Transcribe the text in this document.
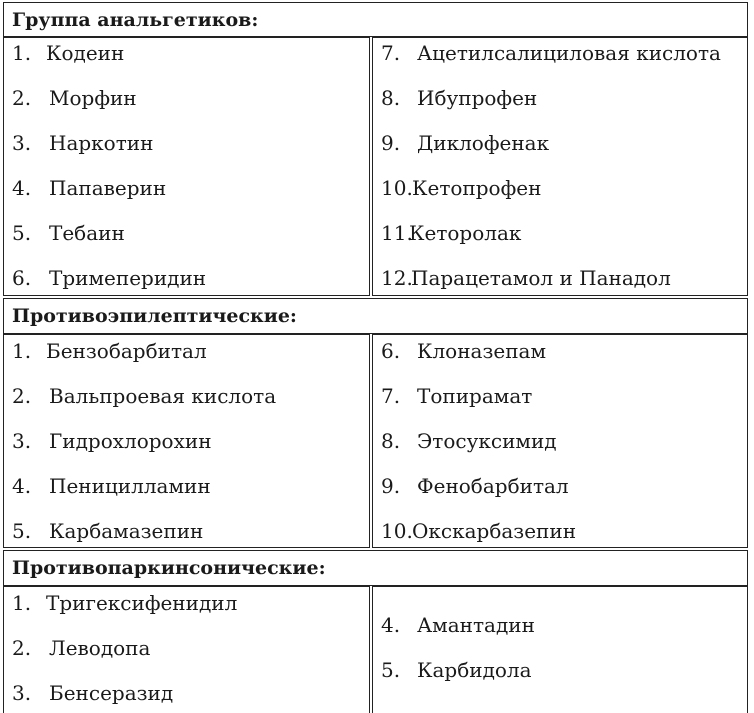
Группа анальгетиков:
1. Кодеин
2. Морфин
3. Наркотин
4. Папаверин
5. Тебаин
6. Тримеперидин
7. Ацетилсалициловая кислота
8. Ибупрофен
9. Диклофенак
10. Кетопрофен
11.
Кеторолак
12.
Парацетамол и Панадол
Противоэпилептические:
1. Бензобарбитал
2. Вальпроевая кислота
3. Гидрохлорохин
4. Пеницилламин
5. Карбамазепин
6. Клоназепам
7. Топирамат
8. Этосуксимид
9. Фенобарбитал
10. Окскарбазепин
Противопаркинсонические:
1. Тригексифенидил
2. Леводопа
3. Бенсеразид
4. Амантадин
5. Карбидола
